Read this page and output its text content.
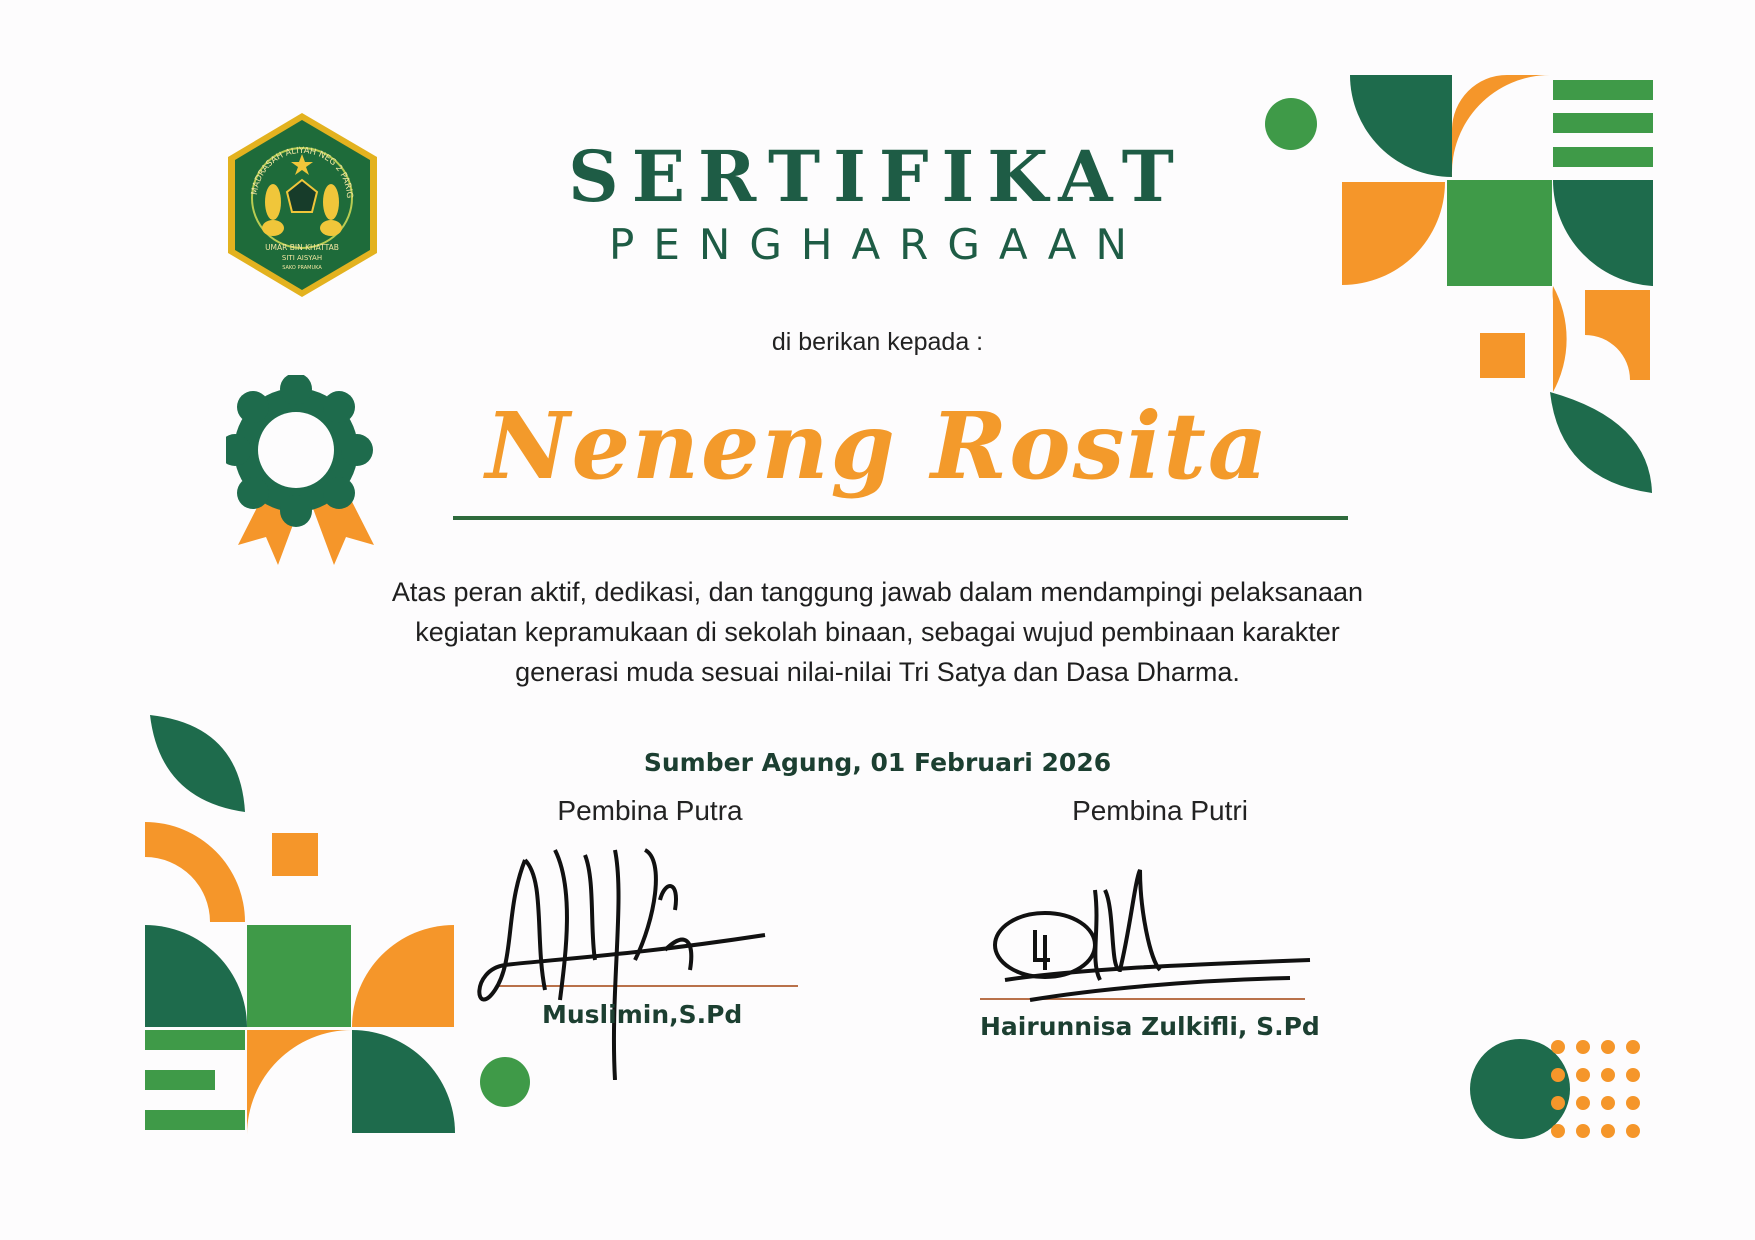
MADRASAH ALIYAH NEG 2 PARIG
UMAR BIN KHATTAB
SITI AISYAH
SAKO PRAMUKA
SERTIFIKAT
PENGHARGAAN
di berikan kepada :
Neneng Rosita
Atas peran aktif, dedikasi, dan tanggung jawab dalam mendampingi pelaksanaan kegiatan kepramukaan di sekolah binaan, sebagai wujud pembinaan karakter generasi muda sesuai nilai-nilai Tri Satya dan Dasa Dharma.
Sumber Agung, 01 Februari 2026
Pembina Putra	Pembina Putri
Muslimin,S.Pd	Hairunnisa Zulkifli, S.Pd
